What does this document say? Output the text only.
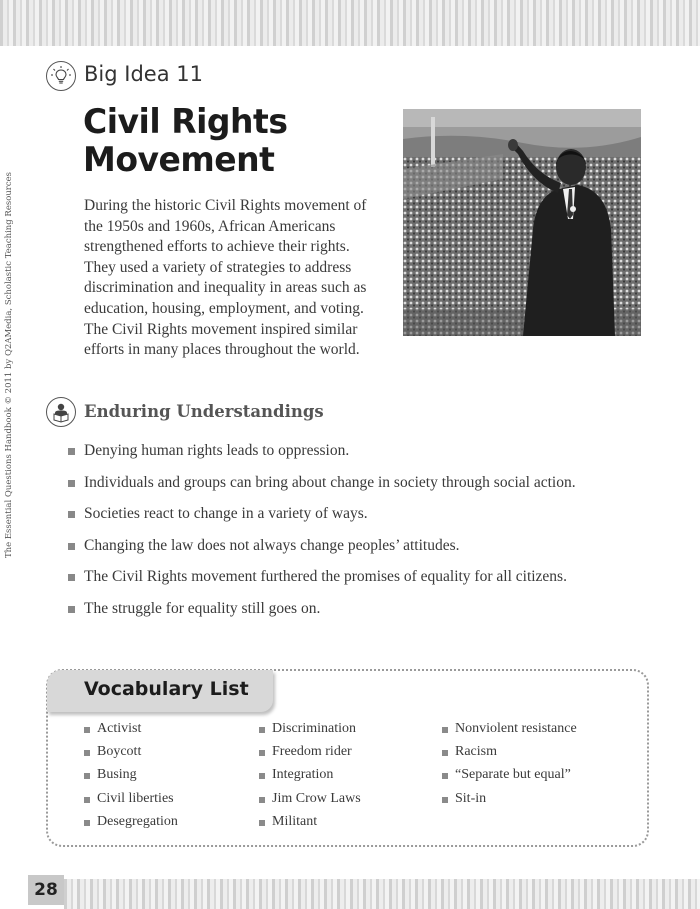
The Essential Questions Handbook © 2011 by Q2AMedia, Scholastic Teaching Resources
Big Idea 11
Civil Rights
Movement

During the historic Civil Rights movement of the 1950s and 1960s, African Americans strengthened efforts to achieve their rights. They used a variety of strategies to address discrimination and inequality in areas such as education, housing, employment, and voting. The Civil Rights movement inspired similar efforts in many places throughout the world.

Enduring Understandings
Denying human rights leads to oppression.
Individuals and groups can bring about change in society through social action.
Societies react to change in a variety of ways.
Changing the law does not always change peoples’ attitudes.
The Civil Rights movement furthered the promises of equality for all citizens.
The struggle for equality still goes on.
Vocabulary List
Activist
Boycott
Busing
Civil liberties
Desegregation
Discrimination
Freedom rider
Integration
Jim Crow Laws
Militant
Nonviolent resistance
Racism
“Separate but equal”
Sit-in
28
